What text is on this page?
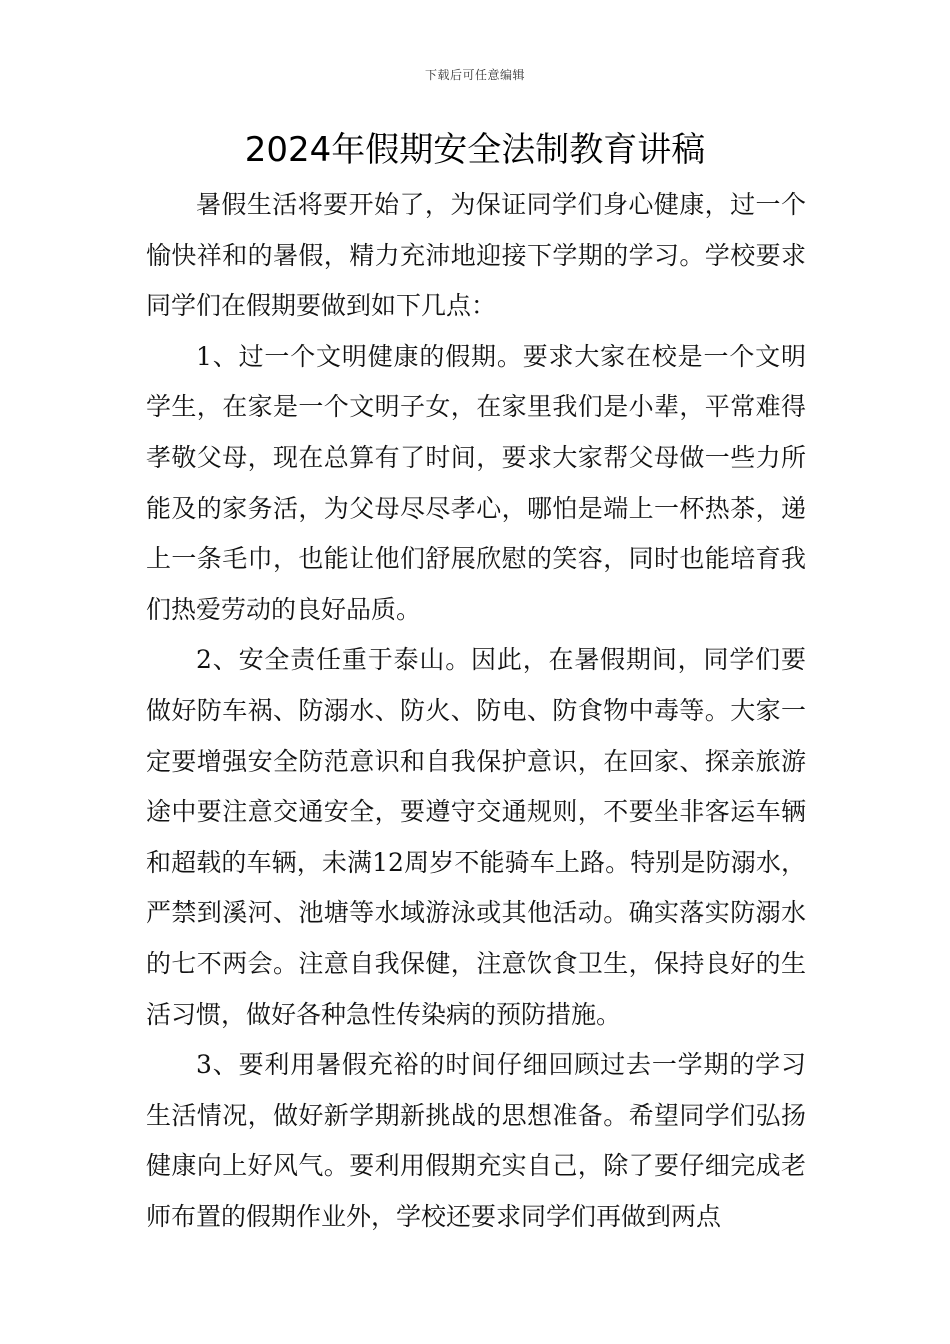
下载后可任意编辑
2024年假期安全法制教育讲稿

暑假生活将要开始了，为保证同学们身心健康，过一个愉快祥和的暑假，精力充沛地迎接下学期的学习。学校要求同学们在假期要做到如下几点：

1、过一个文明健康的假期。要求大家在校是一个文明学生，在家是一个文明子女，在家里我们是小辈，平常难得孝敬父母，现在总算有了时间，要求大家帮父母做一些力所能及的家务活，为父母尽尽孝心，哪怕是端上一杯热茶，递上一条毛巾，也能让他们舒展欣慰的笑容，同时也能培育我们热爱劳动的良好品质。

2、安全责任重于泰山。因此，在暑假期间，同学们要做好防车祸、防溺水、防火、防电、防食物中毒等。大家一定要增强安全防范意识和自我保护意识，在回家、探亲旅游途中要注意交通安全，要遵守交通规则，不要坐非客运车辆和超载的车辆，未满12周岁不能骑车上路。特别是防溺水，严禁到溪河、池塘等水域游泳或其他活动。确实落实防溺水的七不两会。注意自我保健，注意饮食卫生，保持良好的生活习惯，做好各种急性传染病的预防措施。

3、要利用暑假充裕的时间仔细回顾过去一学期的学习生活情况，做好新学期新挑战的思想准备。希望同学们弘扬健康向上好风气。要利用假期充实自己，除了要仔细完成老师布置的假期作业外，学校还要求同学们再做到两点
